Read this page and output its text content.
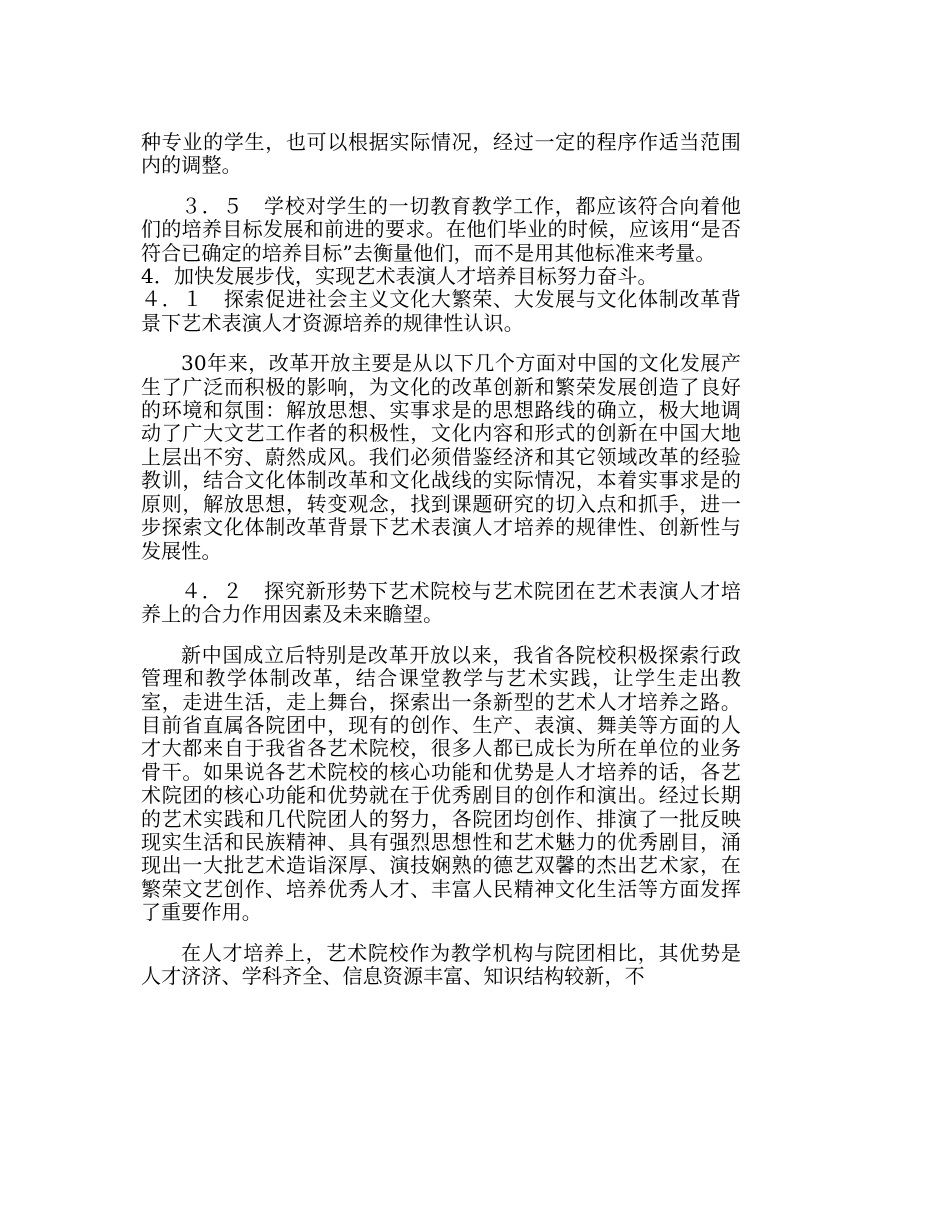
种专业的学生，也可以根据实际情况，经过一定的程序作适当范围内的调整。

３．５　学校对学生的一切教育教学工作，都应该符合向着他们的培养目标发展和前进的要求。在他们毕业的时候，应该用“是否符合已确定的培养目标”去衡量他们，而不是用其他标准来考量。

4．加快发展步伐，实现艺术表演人才培养目标努力奋斗。

４．１　探索促进社会主义文化大繁荣、大发展与文化体制改革背景下艺术表演人才资源培养的规律性认识。

30年来，改革开放主要是从以下几个方面对中国的文化发展产生了广泛而积极的影响，为文化的改革创新和繁荣发展创造了良好的环境和氛围：解放思想、实事求是的思想路线的确立，极大地调动了广大文艺工作者的积极性，文化内容和形式的创新在中国大地上层出不穷、蔚然成风。我们必须借鉴经济和其它领域改革的经验教训，结合文化体制改革和文化战线的实际情况，本着实事求是的原则，解放思想，转变观念，找到课题研究的切入点和抓手，进一步探索文化体制改革背景下艺术表演人才培养的规律性、创新性与发展性。

４．２　探究新形势下艺术院校与艺术院团在艺术表演人才培养上的合力作用因素及未来瞻望。

新中国成立后特别是改革开放以来，我省各院校积极探索行政管理和教学体制改革，结合课堂教学与艺术实践，让学生走出教室，走进生活，走上舞台，探索出一条新型的艺术人才培养之路。目前省直属各院团中，现有的创作、生产、表演、舞美等方面的人才大都来自于我省各艺术院校，很多人都已成长为所在单位的业务骨干。如果说各艺术院校的核心功能和优势是人才培养的话，各艺术院团的核心功能和优势就在于优秀剧目的创作和演出。经过长期的艺术实践和几代院团人的努力，各院团均创作、排演了一批反映现实生活和民族精神、具有强烈思想性和艺术魅力的优秀剧目，涌现出一大批艺术造诣深厚、演技娴熟的德艺双馨的杰出艺术家，在繁荣文艺创作、培养优秀人才、丰富人民精神文化生活等方面发挥了重要作用。

在人才培养上，艺术院校作为教学机构与院团相比，其优势是人才济济、学科齐全、信息资源丰富、知识结构较新，不
